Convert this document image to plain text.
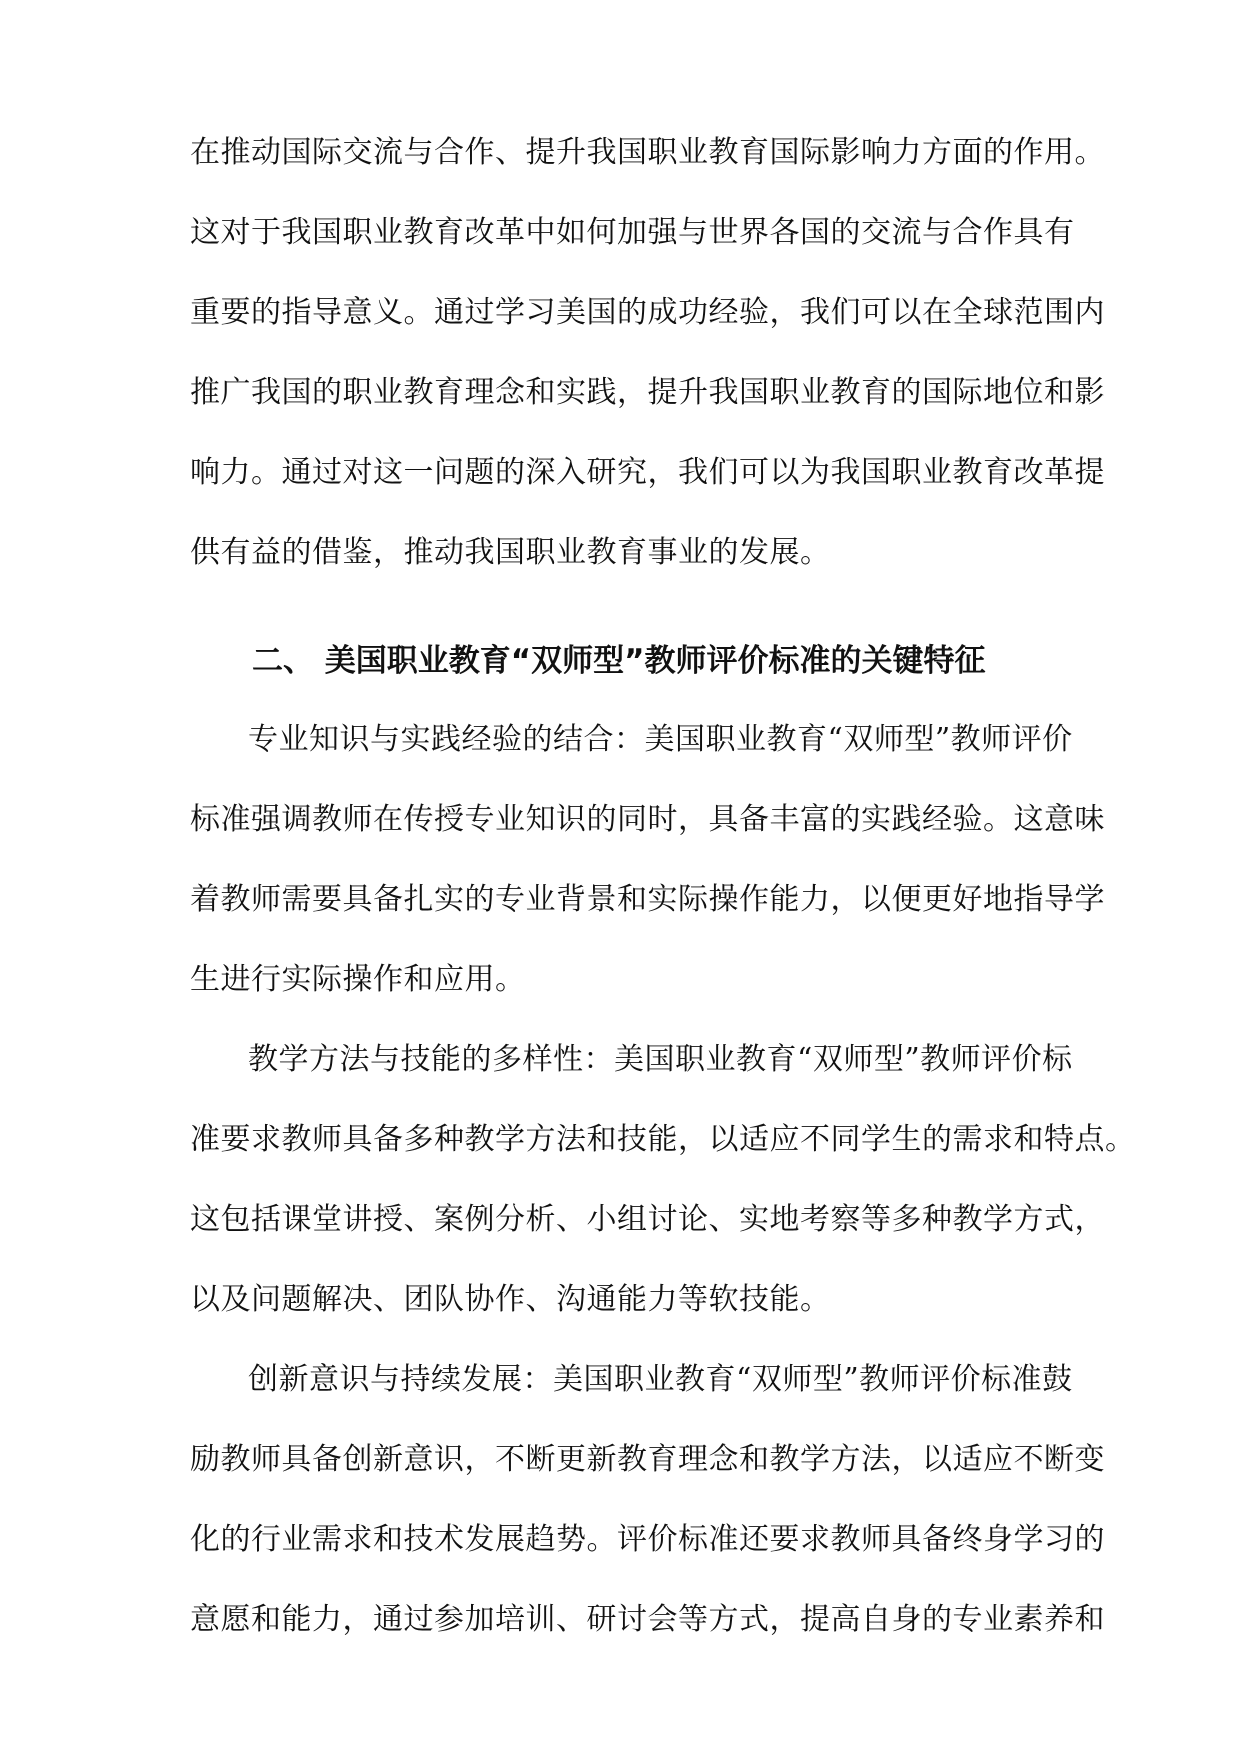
在推动国际交流与合作、提升我国职业教育国际影响力方面的作用。
这对于我国职业教育改革中如何加强与世界各国的交流与合作具有
重要的指导意义。通过学习美国的成功经验，我们可以在全球范围内
推广我国的职业教育理念和实践，提升我国职业教育的国际地位和影
响力。通过对这一问题的深入研究，我们可以为我国职业教育改革提
供有益的借鉴，推动我国职业教育事业的发展。
二、 美国职业教育“双师型”教师评价标准的关键特征
专业知识与实践经验的结合：美国职业教育“双师型”教师评价
标准强调教师在传授专业知识的同时，具备丰富的实践经验。这意味
着教师需要具备扎实的专业背景和实际操作能力，以便更好地指导学
生进行实际操作和应用。
教学方法与技能的多样性：美国职业教育“双师型”教师评价标
准要求教师具备多种教学方法和技能，以适应不同学生的需求和特点。
这包括课堂讲授、案例分析、小组讨论、实地考察等多种教学方式，
以及问题解决、团队协作、沟通能力等软技能。
创新意识与持续发展：美国职业教育“双师型”教师评价标准鼓
励教师具备创新意识，不断更新教育理念和教学方法，以适应不断变
化的行业需求和技术发展趋势。评价标准还要求教师具备终身学习的
意愿和能力，通过参加培训、研讨会等方式，提高自身的专业素养和
